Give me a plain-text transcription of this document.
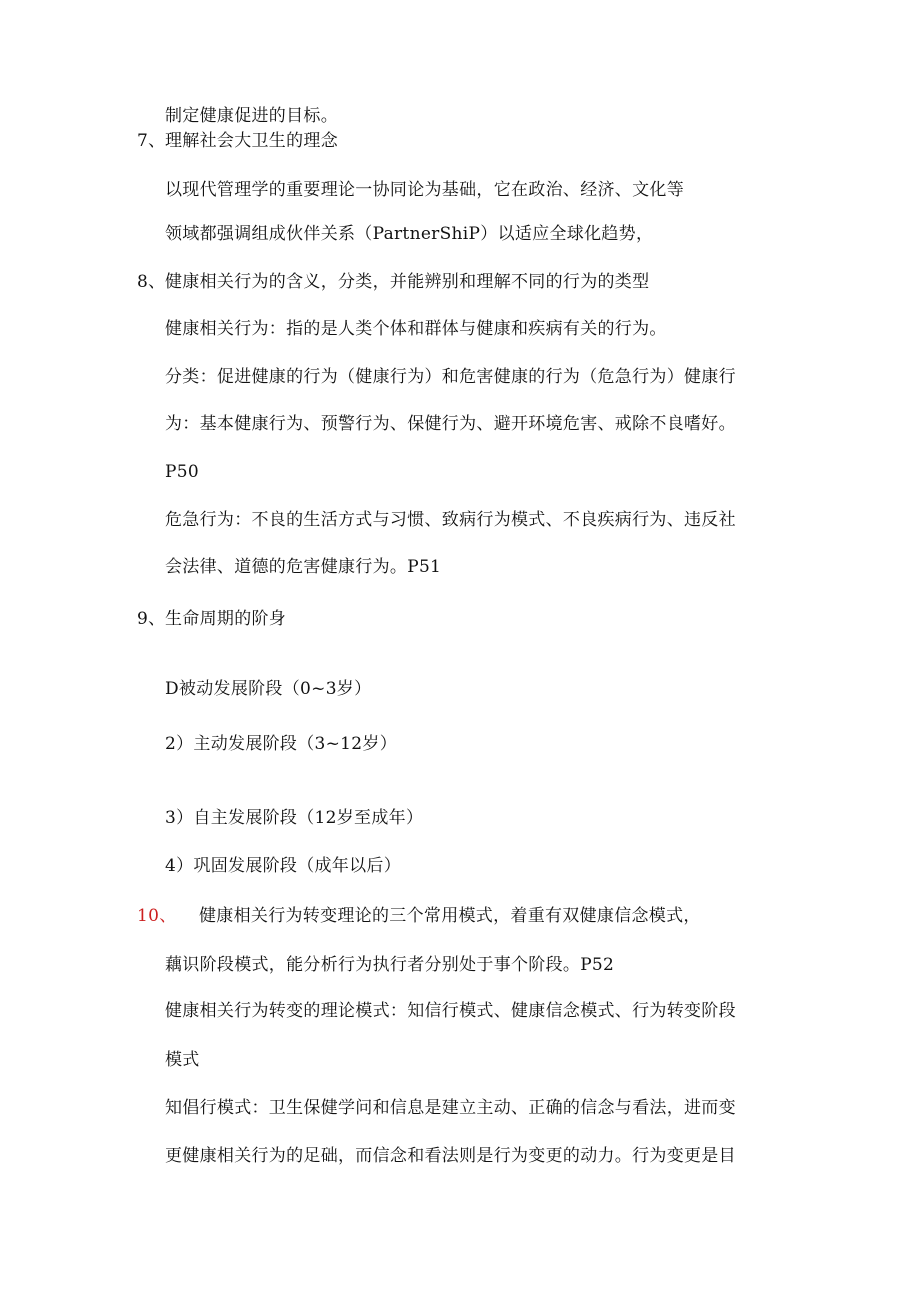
制定健康促进的目标。
7、理解社会大卫生的理念
以现代管理学的重要理论一协同论为基础，它在政治、经济、文化等
领域都强调组成伙伴关系（PartnerShiP）以适应全球化趋势，
8、健康相关行为的含义，分类，并能辨别和理解不同的行为的类型
健康相关行为：指的是人类个体和群体与健康和疾病有关的行为。
分类：促进健康的行为（健康行为）和危害健康的行为（危急行为）健康行
为：基本健康行为、预警行为、保健行为、避开环境危害、戒除不良嗜好。
P50
危急行为：不良的生活方式与习惯、致病行为模式、不良疾病行为、违反社
会法律、道德的危害健康行为。P51
9、生命周期的阶身
D被动发展阶段（0~3岁）
2）主动发展阶段（3~12岁）
3）自主发展阶段（12岁至成年）
4）巩固发展阶段（成年以后）
10、 健康相关行为转变理论的三个常用模式，着重有双健康信念模式，
藕识阶段模式，能分析行为执行者分别处于事个阶段。P52
健康相关行为转变的理论模式：知信行模式、健康信念模式、行为转变阶段
模式
知倡行模式：卫生保健学问和信息是建立主动、正确的信念与看法，进而变
更健康相关行为的足础，而信念和看法则是行为变更的动力。行为变更是目
